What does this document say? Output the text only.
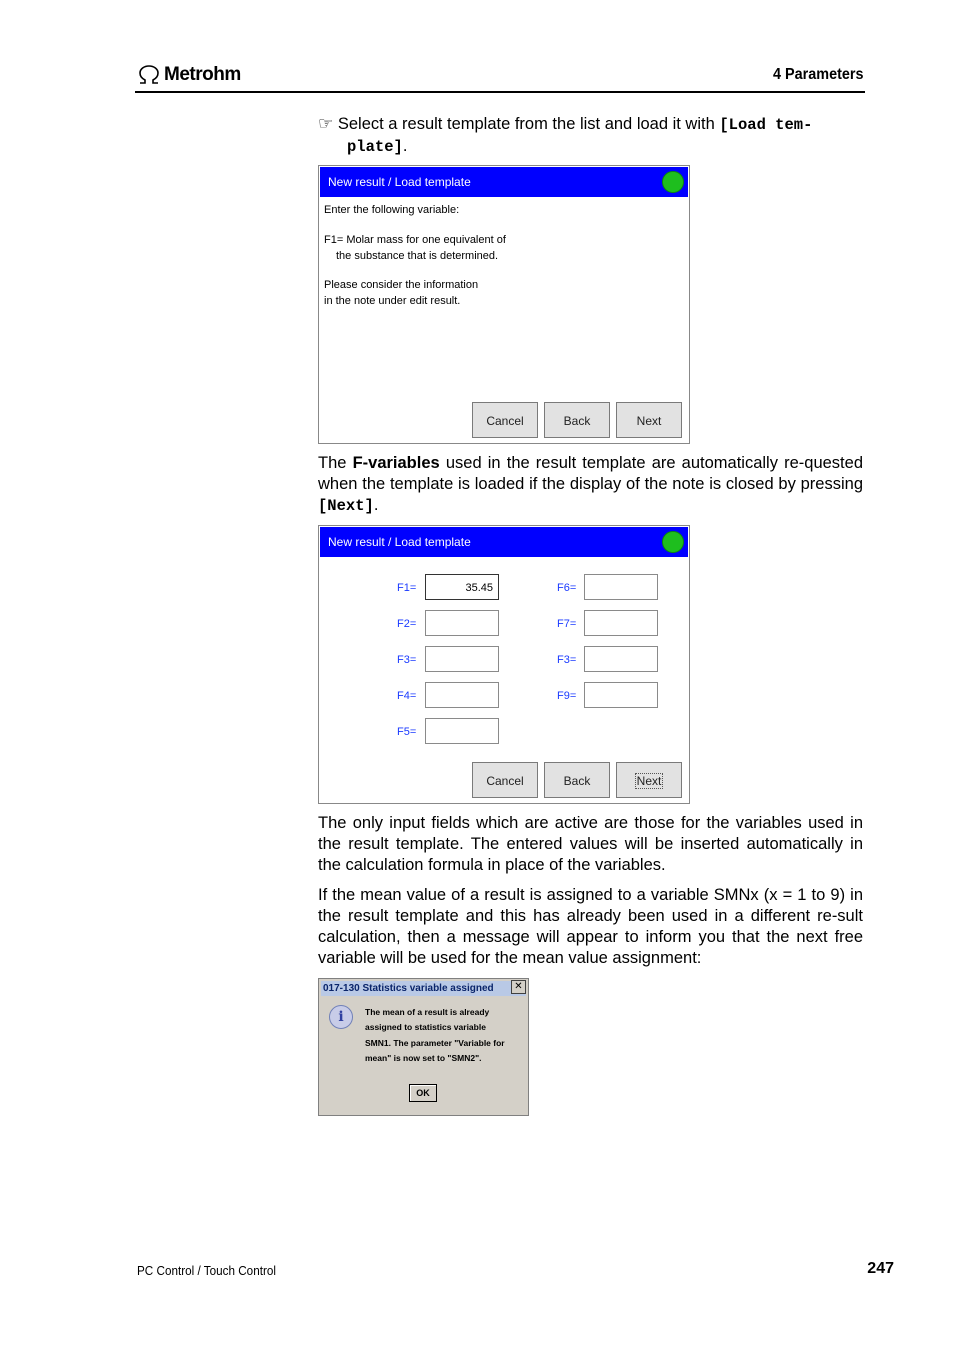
Metrohm	4 Parameters
☞ Select a result template from the list and load it with [Load tem-
plate].
New result / Load template
Enter the following variable:
F1= Molar mass for one equivalent of
the substance that is determined.
Please consider the information
in the note under edit result.
Cancel	Back	Next
The F-variables used in the result template are automatically re-quested when the template is loaded if the display of the note is closed by pressing [Next].
New result / Load template
F1=	35.45
F2=
F3=
F4=
F5=
F6=
F7=
F3=
F9=
Cancel	Back	Next
The only input fields which are active are those for the variables used in the result template. The entered values will be inserted automatically in the calculation formula in place of the variables.
If the mean value of a result is assigned to a variable SMNx (x = 1 to 9) in the result template and this has already been used in a different re-sult calculation, then a message will appear to inform you that the next free variable will be used for the mean value assignment:
017-130 Statistics variable assigned	✕
i	The mean of a result is already
assigned to statistics variable
SMN1. The parameter "Variable for
mean" is now set to "SMN2".
OK
PC Control / Touch Control	247
